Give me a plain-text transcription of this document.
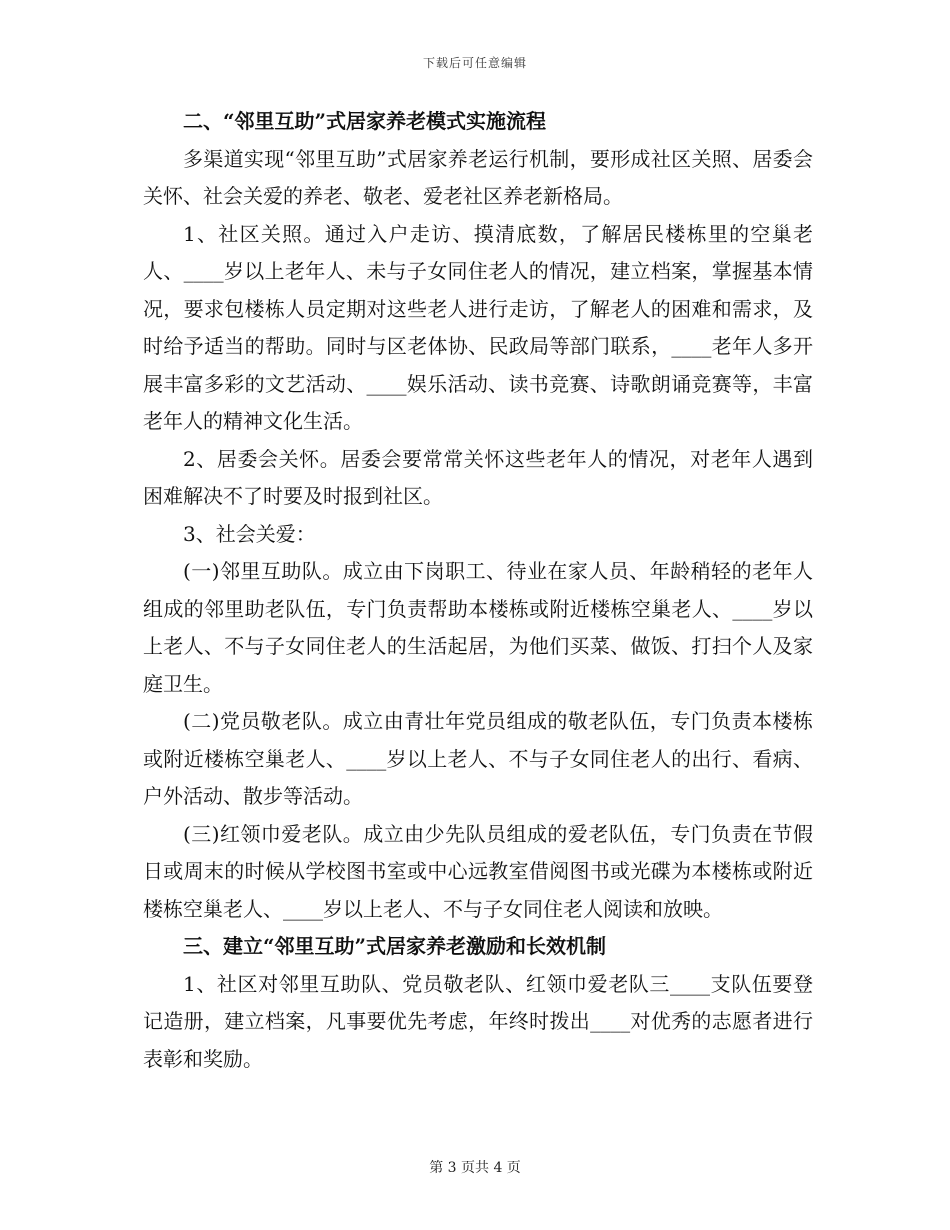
下载后可任意编辑

二、“邻里互助”式居家养老模式实施流程

多渠道实现“邻里互助”式居家养老运行机制，要形成社区关照、居委会关怀、社会关爱的养老、敬老、爱老社区养老新格局。

1、社区关照。通过入户走访、摸清底数，了解居民楼栋里的空巢老人、____岁以上老年人、未与子女同住老人的情况，建立档案，掌握基本情况，要求包楼栋人员定期对这些老人进行走访，了解老人的困难和需求，及时给予适当的帮助。同时与区老体协、民政局等部门联系，____老年人多开展丰富多彩的文艺活动、____娱乐活动、读书竞赛、诗歌朗诵竞赛等，丰富老年人的精神文化生活。

2、居委会关怀。居委会要常常关怀这些老年人的情况，对老年人遇到困难解决不了时要及时报到社区。

3、社会关爱：

(一)邻里互助队。成立由下岗职工、待业在家人员、年龄稍轻的老年人组成的邻里助老队伍，专门负责帮助本楼栋或附近楼栋空巢老人、____岁以上老人、不与子女同住老人的生活起居，为他们买菜、做饭、打扫个人及家庭卫生。

(二)党员敬老队。成立由青壮年党员组成的敬老队伍，专门负责本楼栋或附近楼栋空巢老人、____岁以上老人、不与子女同住老人的出行、看病、户外活动、散步等活动。

(三)红领巾爱老队。成立由少先队员组成的爱老队伍，专门负责在节假日或周末的时候从学校图书室或中心远教室借阅图书或光碟为本楼栋或附近楼栋空巢老人、____岁以上老人、不与子女同住老人阅读和放映。

三、建立“邻里互助”式居家养老激励和长效机制

1、社区对邻里互助队、党员敬老队、红领巾爱老队三____支队伍要登记造册，建立档案，凡事要优先考虑，年终时拨出____对优秀的志愿者进行表彰和奖励。

第 3 页共 4 页
